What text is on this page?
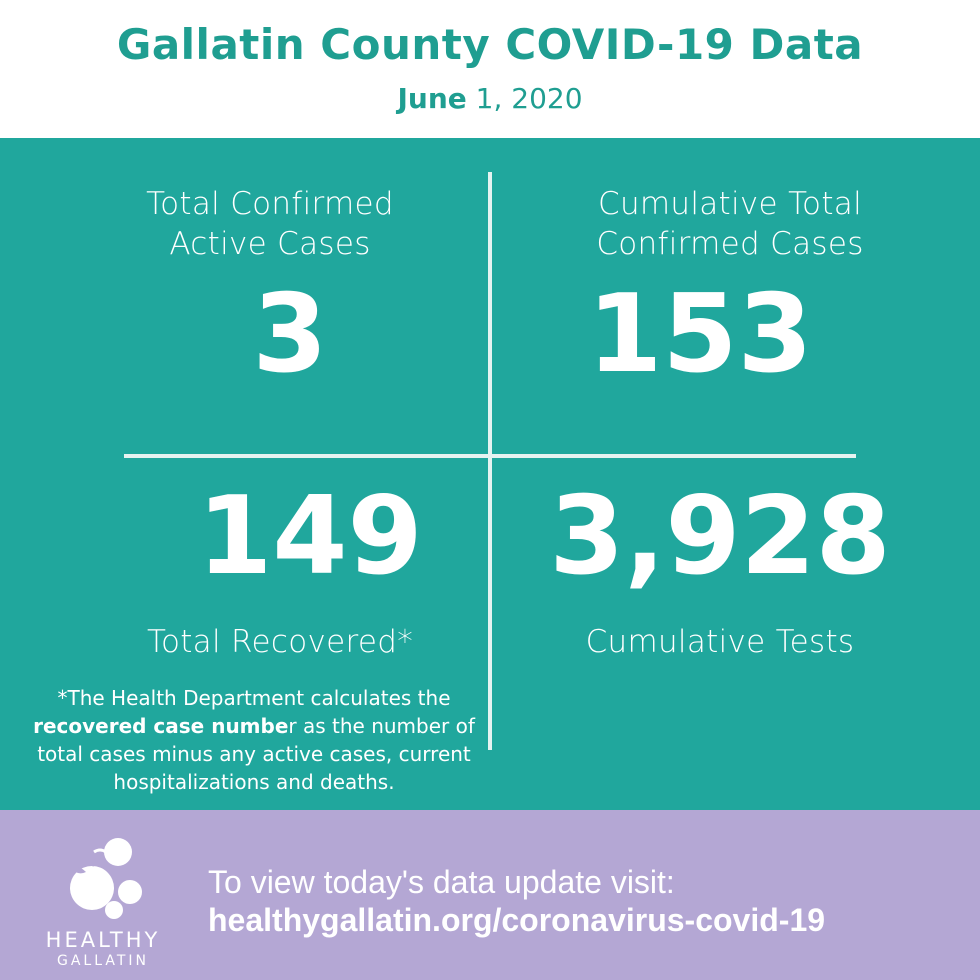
Gallatin County COVID-19 Data
June 1, 2020
Total Confirmed
Active Cases
3
Cumulative Total
Confirmed Cases
153
149
Total Recovered*
3,928
Cumulative Tests
*The Health Department calculates the recovered case number as the number of total cases minus any active cases, current hospitalizations and deaths.
HEALTHY
GALLATIN
To view today's data update visit:
healthygallatin.org/coronavirus-covid-19
